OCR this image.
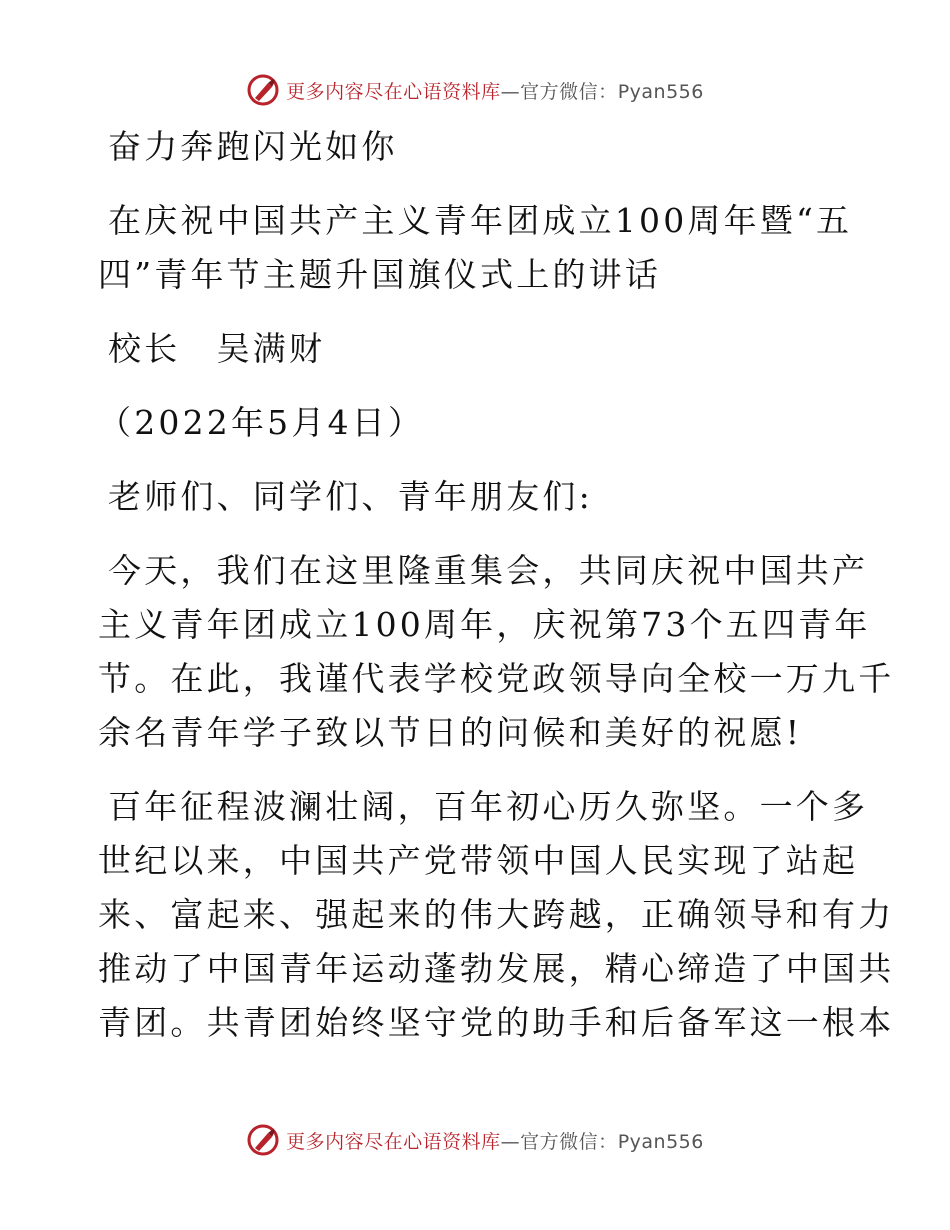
更多内容尽在心语资料库—官方微信：Pyan556
奋力奔跑闪光如你
在庆祝中国共产主义青年团成立100周年暨“五
四”青年节主题升国旗仪式上的讲话
校长　吴满财
（2022年5月4日）
老师们、同学们、青年朋友们:
今天，我们在这里隆重集会，共同庆祝中国共产
主义青年团成立100周年，庆祝第73个五四青年
节。在此，我谨代表学校党政领导向全校一万九千
余名青年学子致以节日的问候和美好的祝愿!
百年征程波澜壮阔，百年初心历久弥坚。一个多
世纪以来，中国共产党带领中国人民实现了站起
来、富起来、强起来的伟大跨越，正确领导和有力
推动了中国青年运动蓬勃发展，精心缔造了中国共
青团。共青团始终坚守党的助手和后备军这一根本
更多内容尽在心语资料库—官方微信：Pyan556
